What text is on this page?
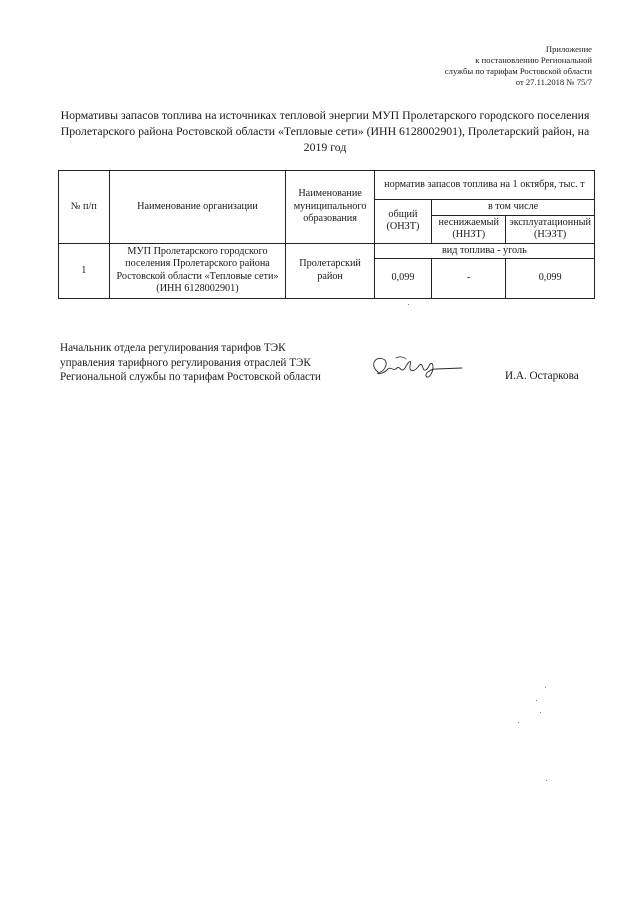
Приложение
к постановлению Региональной
службы по тарифам Ростовской области
от 27.11.2018 № 75/7
Нормативы запасов топлива на источниках тепловой энергии МУП Пролетарского городского поселения
Пролетарского района Ростовской области «Тепловые сети» (ИНН 6128002901), Пролетарский район, на
2019 год
№ п/п	Наименование организации	Наименование муниципального образования	норматив запасов топлива на 1 октября, тыс. т		
			общий (ОНЗТ)	в том числе	
				неснижаемый (ННЗТ)	эксплуатационный (НЭЗТ)
1	МУП Пролетарского городского поселения Пролетарского района Ростовской области «Тепловые сети» (ИНН 6128002901)	Пролетарский район	вид топлива - уголь		
			0,099	-	0,099
Начальник отдела регулирования тарифов ТЭК
управления тарифного регулирования отраслей ТЭК
Региональной службы по тарифам Ростовской области	И.А. Остаркова
